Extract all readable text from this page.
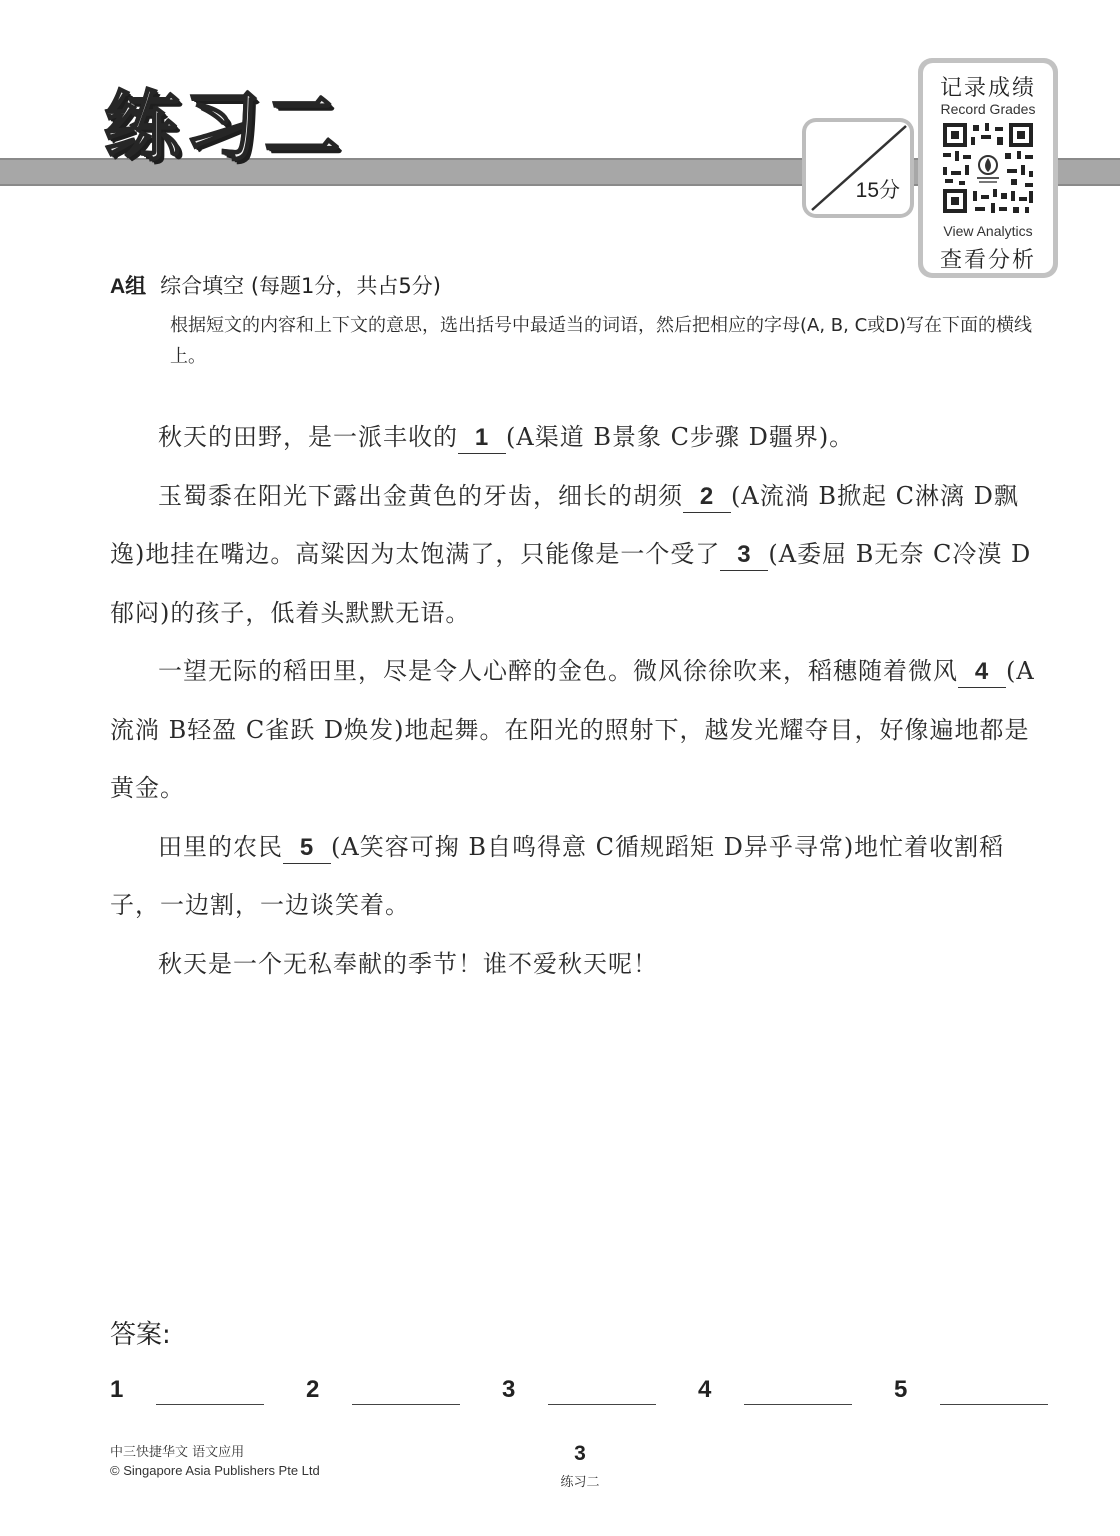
练习二
15分
记录成绩
Record Grades
View Analytics
查看分析
A组 综合填空 (每题1分，共占5分)
根据短文的内容和上下文的意思，选出括号中最适当的词语，然后把相应的字母(A, B, C或D)写在下面的横线上。

秋天的田野，是一派丰收的 1 (A渠道 B景象 C步骤 D疆界)。

玉蜀黍在阳光下露出金黄色的牙齿，细长的胡须 2 (A流淌 B掀起 C淋漓 D飘逸)地挂在嘴边。高粱因为太饱满了，只能像是一个受了 3 (A委屈 B无奈 C冷漠 D郁闷)的孩子，低着头默默无语。

一望无际的稻田里，尽是令人心醉的金色。微风徐徐吹来，稻穗随着微风 4 (A流淌 B轻盈 C雀跃 D焕发)地起舞。在阳光的照射下，越发光耀夺目，好像遍地都是黄金。

田里的农民 5 (A笑容可掬 B自鸣得意 C循规蹈矩 D异乎寻常)地忙着收割稻子，一边割，一边谈笑着。

秋天是一个无私奉献的季节！谁不爱秋天呢！

答案:
1	2	3	4	5
中三快捷华文 语文应用
© Singapore Asia Publishers Pte Ltd
3
练习二
